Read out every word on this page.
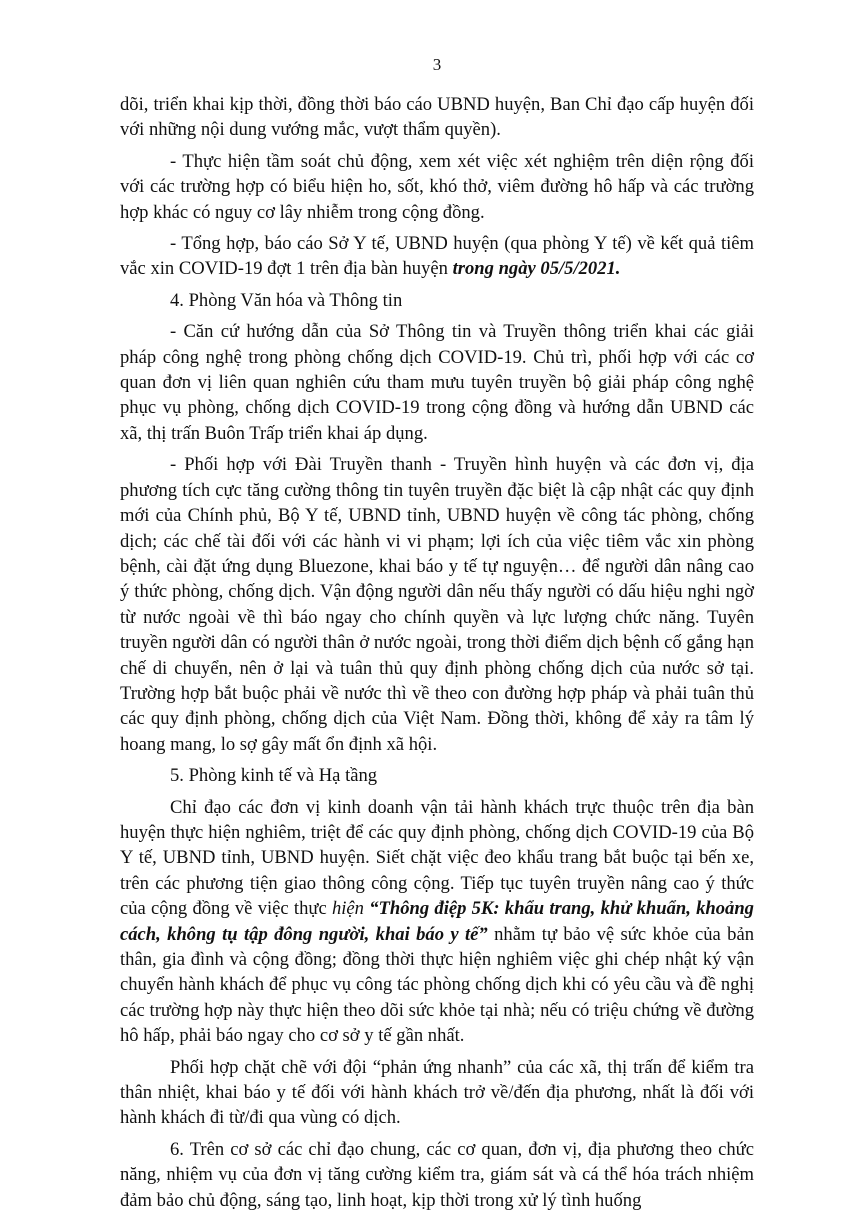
3

dõi, triển khai kịp thời, đồng thời báo cáo UBND huyện, Ban Chỉ đạo cấp huyện đối với những nội dung vướng mắc, vượt thẩm quyền).

- Thực hiện tầm soát chủ động, xem xét việc xét nghiệm trên diện rộng đối với các trường hợp có biểu hiện ho, sốt, khó thở, viêm đường hô hấp và các trường hợp khác có nguy cơ lây nhiễm trong cộng đồng.

- Tổng hợp, báo cáo Sở Y tế, UBND huyện (qua phòng Y tế) về kết quả tiêm vắc xin COVID-19 đợt 1 trên địa bàn huyện trong ngày 05/5/2021.

4. Phòng Văn hóa và Thông tin

- Căn cứ hướng dẫn của Sở Thông tin và Truyền thông triển khai các giải pháp công nghệ trong phòng chống dịch COVID-19. Chủ trì, phối hợp với các cơ quan đơn vị liên quan nghiên cứu tham mưu tuyên truyền bộ giải pháp công nghệ phục vụ phòng, chống dịch COVID-19 trong cộng đồng và hướng dẫn UBND các xã, thị trấn Buôn Trấp triển khai áp dụng.

- Phối hợp với Đài Truyền thanh - Truyền hình huyện và các đơn vị, địa phương tích cực tăng cường thông tin tuyên truyền đặc biệt là cập nhật các quy định mới của Chính phủ, Bộ Y tế, UBND tỉnh, UBND huyện về công tác phòng, chống dịch; các chế tài đối với các hành vi vi phạm; lợi ích của việc tiêm vắc xin phòng bệnh, cài đặt ứng dụng Bluezone, khai báo y tế tự nguyện… để người dân nâng cao ý thức phòng, chống dịch. Vận động người dân nếu thấy người có dấu hiệu nghi ngờ từ nước ngoài về thì báo ngay cho chính quyền và lực lượng chức năng. Tuyên truyền người dân có người thân ở nước ngoài, trong thời điểm dịch bệnh cố gắng hạn chế di chuyển, nên ở lại và tuân thủ quy định phòng chống dịch của nước sở tại. Trường hợp bắt buộc phải về nước thì về theo con đường hợp pháp và phải tuân thủ các quy định phòng, chống dịch của Việt Nam. Đồng thời, không để xảy ra tâm lý hoang mang, lo sợ gây mất ổn định xã hội.

5. Phòng kinh tế và Hạ tầng

Chỉ đạo các đơn vị kinh doanh vận tải hành khách trực thuộc trên địa bàn huyện thực hiện nghiêm, triệt để các quy định phòng, chống dịch COVID-19 của Bộ Y tế, UBND tỉnh, UBND huyện. Siết chặt việc đeo khẩu trang bắt buộc tại bến xe, trên các phương tiện giao thông công cộng. Tiếp tục tuyên truyền nâng cao ý thức của cộng đồng về việc thực hiện “Thông điệp 5K: khẩu trang, khử khuẩn, khoảng cách, không tụ tập đông người, khai báo y tế” nhằm tự bảo vệ sức khỏe của bản thân, gia đình và cộng đồng; đồng thời thực hiện nghiêm việc ghi chép nhật ký vận chuyển hành khách để phục vụ công tác phòng chống dịch khi có yêu cầu và đề nghị các trường hợp này thực hiện theo dõi sức khỏe tại nhà; nếu có triệu chứng về đường hô hấp, phải báo ngay cho cơ sở y tế gần nhất.

Phối hợp chặt chẽ với đội “phản ứng nhanh” của các xã, thị trấn để kiểm tra thân nhiệt, khai báo y tế đối với hành khách trở về/đến địa phương, nhất là đối với hành khách đi từ/đi qua vùng có dịch.

6. Trên cơ sở các chỉ đạo chung, các cơ quan, đơn vị, địa phương theo chức năng, nhiệm vụ của đơn vị tăng cường kiểm tra, giám sát và cá thể hóa trách nhiệm đảm bảo chủ động, sáng tạo, linh hoạt, kịp thời trong xử lý tình huống
